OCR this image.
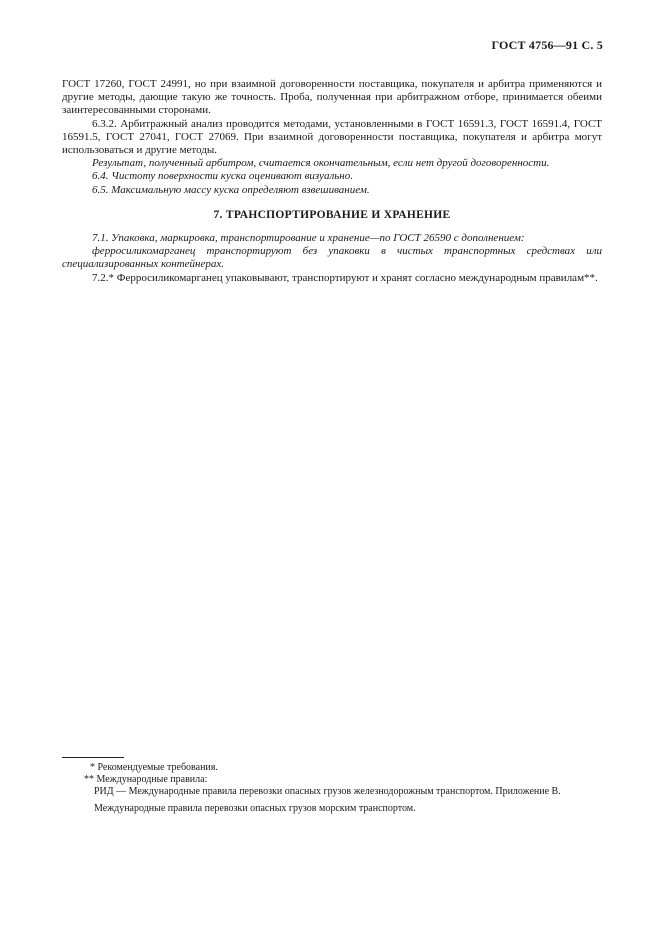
ГОСТ 4756—91 С. 5

ГОСТ 17260, ГОСТ 24991, но при взаимной договоренности поставщика, покупателя и арбитра применяются и другие методы, дающие такую же точность. Проба, полученная при арбитражном отборе, принимается обеими заинтересованными сторонами.

6.3.2. Арбитражный анализ проводится методами, установленными в ГОСТ 16591.3, ГОСТ 16591.4, ГОСТ 16591.5, ГОСТ 27041, ГОСТ 27069. При взаимной договоренности поставщика, покупателя и арбитра могут использоваться и другие методы.

Результат, полученный арбитром, считается окончательным, если нет другой договоренности.

6.4. Чистоту поверхности куска оценивают визуально.

6.5. Максимальную массу куска определяют взвешиванием.

7. ТРАНСПОРТИРОВАНИЕ И ХРАНЕНИЕ

7.1. Упаковка, маркировка, транспортирование и хранение—по ГОСТ 26590 с дополнением:

ферросиликомарганец транспортируют без упаковки в чистых транспортных средствах или специализированных контейнерах.

7.2.* Ферросиликомарганец упаковывают, транспортируют и хранят согласно международным правилам**.

* Рекомендуемые требования.

** Международные правила:

РИД — Международные правила перевозки опасных грузов железнодорожным транспортом. Приложение В.

Международные правила перевозки опасных грузов морским транспортом.
